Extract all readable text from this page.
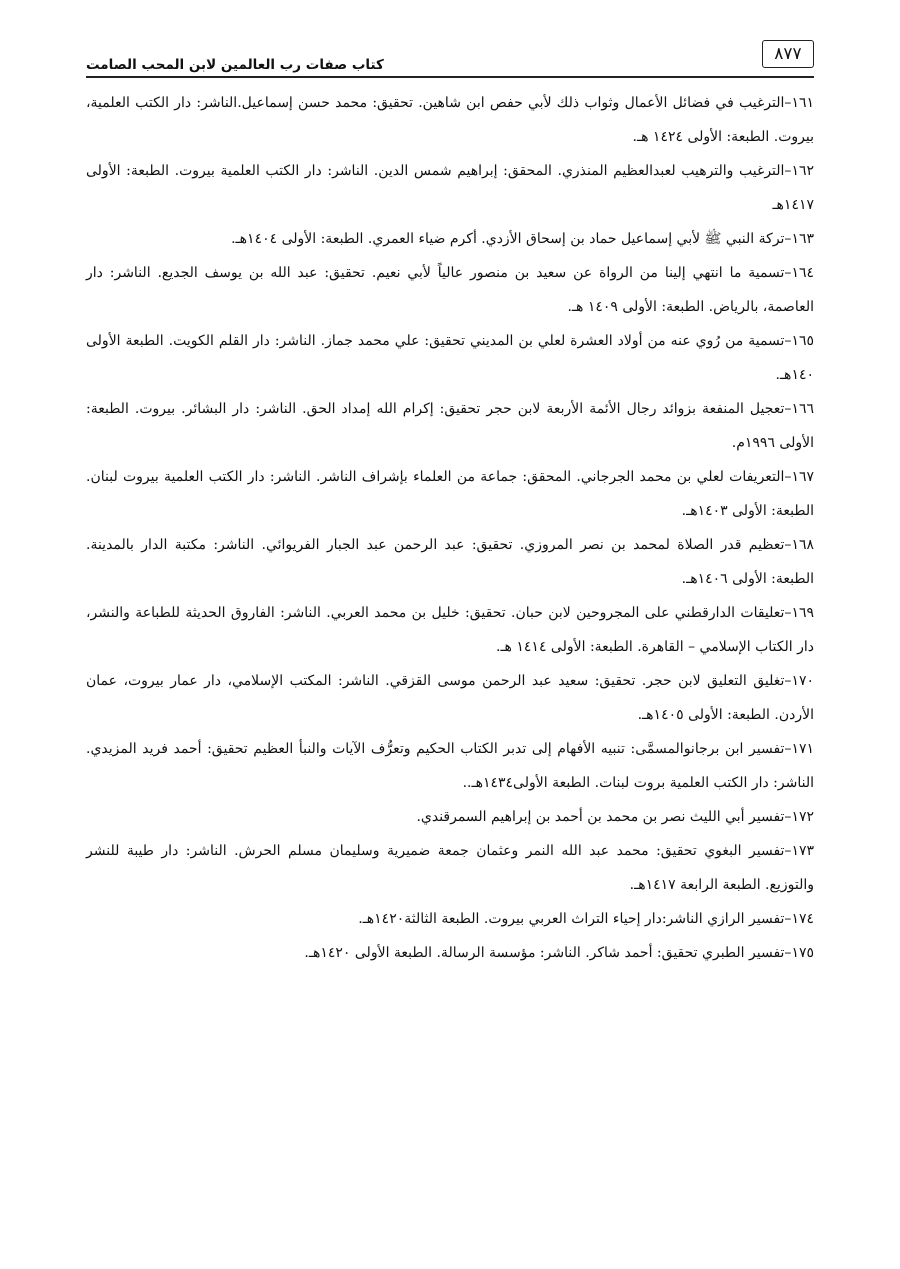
٨٧٧
كتاب صفات رب العالمين لابن المحب الصامت

١٦١–الترغيب في فضائل الأعمال وثواب ذلك لأبي حفص ابن شاهين. تحقيق: محمد حسن إسماعيل.الناشر: دار الكتب العلمية، بيروت. الطبعة: الأولى ١٤٢٤ هـ.

١٦٢–الترغيب والترهيب لعبدالعظيم المنذري. المحقق: إبراهيم شمس الدين. الناشر: دار الكتب العلمية بيروت. الطبعة: الأولى ١٤١٧هـ

١٦٣–تركة النبي ﷺ لأبي إسماعيل حماد بن إسحاق الأزدي. أكرم ضياء العمري. الطبعة: الأولى ١٤٠٤هـ.

١٦٤–تسمية ما انتهي إلينا من الرواة عن سعيد بن منصور عالياً لأبي نعيم. تحقيق: عبد الله بن يوسف الجديع. الناشر: دار العاصمة، بالرياض. الطبعة: الأولى ١٤٠٩ هـ.

١٦٥–تسمية من رُوي عنه من أولاد العشرة لعلي بن المديني تحقيق: علي محمد جماز. الناشر: دار القلم الكويت. الطبعة الأولى ١٤٠هـ.

١٦٦–تعجيل المنفعة بزوائد رجال الأئمة الأربعة لابن حجر تحقيق: إكرام الله إمداد الحق. الناشر: دار البشائر. بيروت. الطبعة: الأولى ١٩٩٦م.

١٦٧–التعريفات لعلي بن محمد الجرجاني. المحقق: جماعة من العلماء بإشراف الناشر. الناشر: دار الكتب العلمية بيروت لبنان. الطبعة: الأولى ١٤٠٣هـ.

١٦٨–تعظيم قدر الصلاة لمحمد بن نصر المروزي. تحقيق: عبد الرحمن عبد الجبار الفريوائي. الناشر: مكتبة الدار بالمدينة. الطبعة: الأولى ١٤٠٦هـ.

١٦٩–تعليقات الدارقطني على المجروحين لابن حبان. تحقيق: خليل بن محمد العربي. الناشر: الفاروق الحديثة للطباعة والنشر، دار الكتاب الإسلامي – القاهرة. الطبعة: الأولى ١٤١٤ هـ.

١٧٠–تغليق التعليق لابن حجر. تحقيق: سعيد عبد الرحمن موسى القزقي. الناشر: المكتب الإسلامي، دار عمار بيروت، عمان الأردن. الطبعة: الأولى ١٤٠٥هـ.

١٧١–تفسير ابن برجانوالمسمَّى: تنبيه الأفهام إلى تدبر الكتاب الحكيم وتعرُّف الآيات والنبأ العظيم تحقيق: أحمد فريد المزيدي. الناشر: دار الكتب العلمية بروت لبنات. الطبعة الأولى١٤٣٤هـ..

١٧٢–تفسير أبي الليث نصر بن محمد بن أحمد بن إبراهيم السمرقندي.

١٧٣–تفسير البغوي تحقيق: محمد عبد الله النمر وعثمان جمعة ضميرية وسليمان مسلم الحرش. الناشر: دار طيبة للنشر والتوزيع. الطبعة الرابعة ١٤١٧هـ.

١٧٤–تفسير الرازي الناشر:دار إحياء التراث العربي بيروت. الطبعة الثالثة١٤٢٠هـ.

١٧٥–تفسير الطبري تحقيق: أحمد شاكر. الناشر: مؤسسة الرسالة. الطبعة الأولى ١٤٢٠هـ.
